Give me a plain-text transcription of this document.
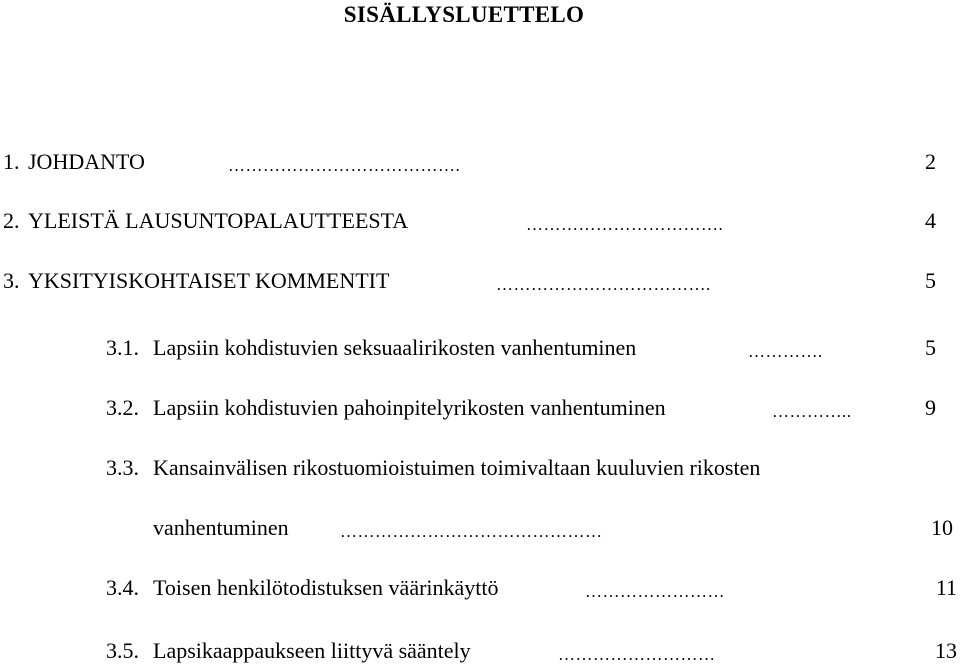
SISÄLLYSLUETTELO
1. JOHDANTO	………………………………….	2
2. YLEISTÄ LAUSUNTOPALAUTTEESTA	…………………………….	4
3. YKSITYISKOHTAISET KOMMENTIT	……………………………….	5
3.1. Lapsiin kohdistuvien seksuaalirikosten vanhentuminen	………….	5
3.2. Lapsiin kohdistuvien pahoinpitelyrikosten vanhentuminen	…………..	9
3.3. Kansainvälisen rikostuomioistuimen toimivaltaan kuuluvien rikosten
vanhentuminen	………………………………………	10
3.4. Toisen henkilötodistuksen väärinkäyttö	……………………	11
3.5. Lapsikaappaukseen liittyvä sääntely	………………………	13
